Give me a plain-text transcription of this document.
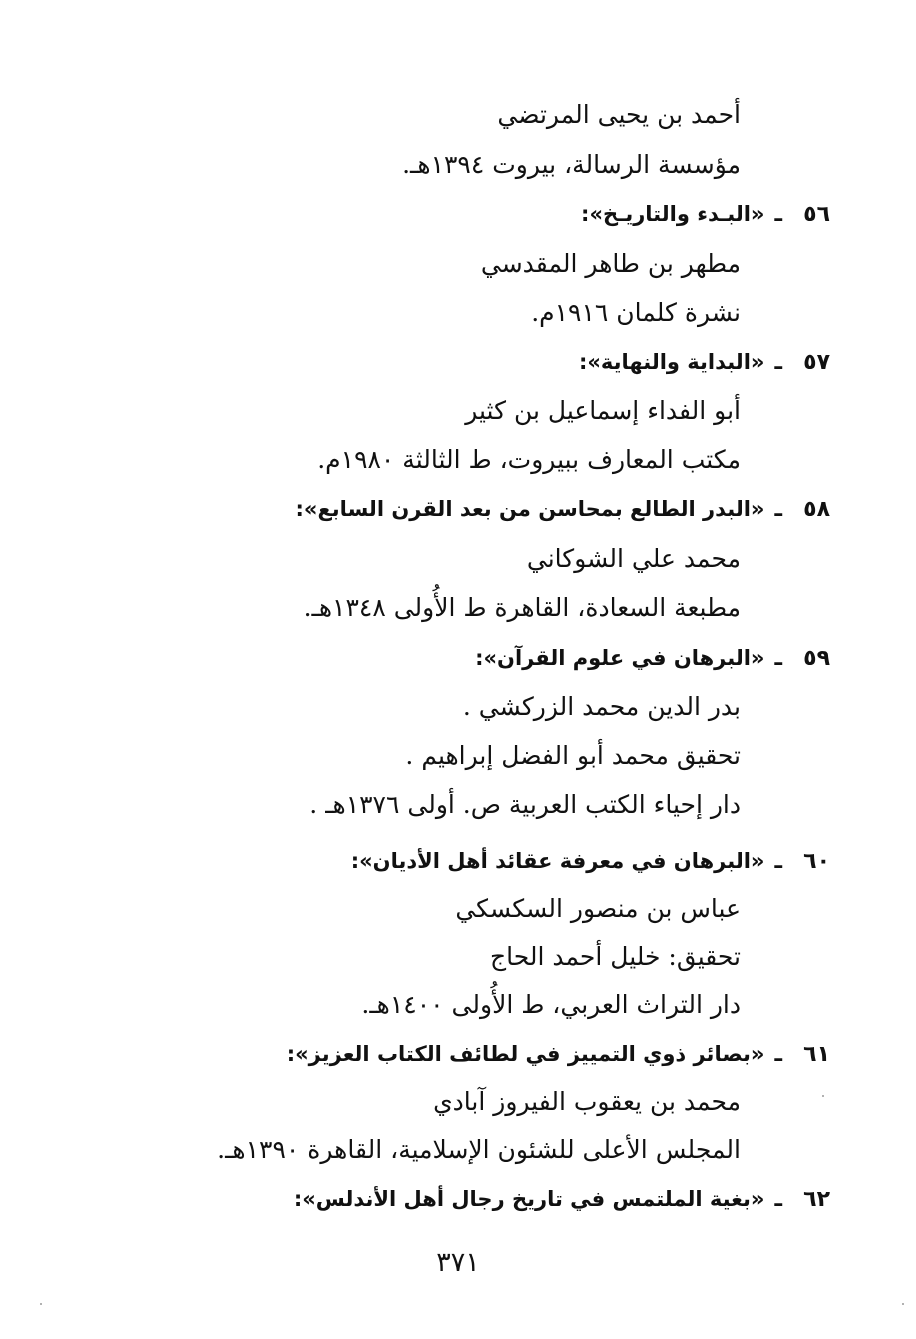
أحمد بن يحيى المرتضي
مؤسسة الرسالة، بيروت ١٣٩٤هـ.
٥٦ـ«البـدء والتاريـخ»:
مطهر بن طاهر المقدسي
نشرة كلمان ١٩١٦م.
٥٧ـ«البداية والنهاية»:
أبو الفداء إسماعيل بن كثير
مكتب المعارف ببيروت، ط الثالثة ١٩٨٠م.
٥٨ـ«البدر الطالع بمحاسن من بعد القرن السابع»:
محمد علي الشوكاني
مطبعة السعادة، القاهرة ط الأُولى ١٣٤٨هـ.
٥٩ـ«البرهان في علوم القرآن»:
بدر الدين محمد الزركشي .
تحقيق محمد أبو الفضل إبراهيم .
دار إحياء الكتب العربية ص. أولى ١٣٧٦هـ .
٦٠ـ«البرهان في معرفة عقائد أهل الأديان»:
عباس بن منصور السكسكي
تحقيق: خليل أحمد الحاج
دار التراث العربي، ط الأُولى ١٤٠٠هـ.
٦١ـ«بصائر ذوي التمييز في لطائف الكتاب العزيز»:
محمد بن يعقوب الفيروز آبادي
المجلس الأعلى للشئون الإسلامية، القاهرة ١٣٩٠هـ.
٦٢ـ«بغية الملتمس في تاريخ رجال أهل الأندلس»:
٣٧١
